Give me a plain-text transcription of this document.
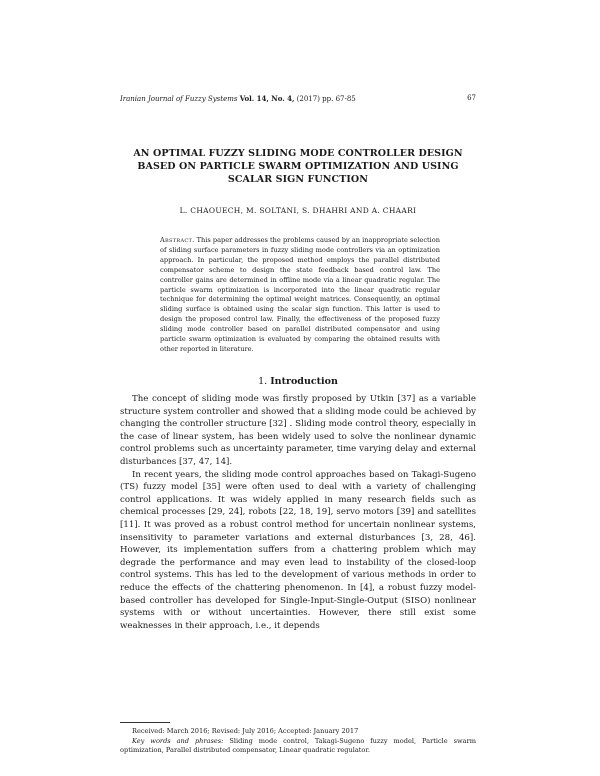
Iranian Journal of Fuzzy Systems Vol. 14, No. 4, (2017) pp. 67-85	67
AN OPTIMAL FUZZY SLIDING MODE CONTROLLER DESIGN BASED ON PARTICLE SWARM OPTIMIZATION AND USING SCALAR SIGN FUNCTION
L. CHAOUECH, M. SOLTANI, S. DHAHRI AND A. CHAARI
Abstract. This paper addresses the problems caused by an inappropriate selection of sliding surface parameters in fuzzy sliding mode controllers via an optimization approach. In particular, the proposed method employs the parallel distributed compensator scheme to design the state feedback based control law. The controller gains are determined in offline mode via a linear quadratic regular. The particle swarm optimization is incorporated into the linear quadratic regular technique for determining the optimal weight matrices. Consequently, an optimal sliding surface is obtained using the scalar sign function. This latter is used to design the proposed control law. Finally, the effectiveness of the proposed fuzzy sliding mode controller based on parallel distributed compensator and using particle swarm optimization is evaluated by comparing the obtained results with other reported in literature.
1. Introduction

The concept of sliding mode was firstly proposed by Utkin [37] as a variable structure system controller and showed that a sliding mode could be achieved by changing the controller structure [32] . Sliding mode control theory, especially in the case of linear system, has been widely used to solve the nonlinear dynamic control problems such as uncertainty parameter, time varying delay and external disturbances [37, 47, 14].

In recent years, the sliding mode control approaches based on Takagi-Sugeno (TS) fuzzy model [35] were often used to deal with a variety of challenging control applications. It was widely applied in many research fields such as chemical processes [29, 24], robots [22, 18, 19], servo motors [39] and satellites [11]. It was proved as a robust control method for uncertain nonlinear systems, insensitivity to parameter variations and external disturbances [3, 28, 46]. However, its implementation suffers from a chattering problem which may degrade the performance and may even lead to instability of the closed-loop control systems. This has led to the development of various methods in order to reduce the effects of the chattering phenomenon. In [4], a robust fuzzy model-based controller has developed for Single-Input-Single-Output (SISO) nonlinear systems with or without uncertainties. However, there still exist some weaknesses in their approach, i.e., it depends

Received: March 2016; Revised: July 2016; Accepted: January 2017

Key words and phrases: Sliding mode control, Takagi-Sugeno fuzzy model, Particle swarm optimization, Parallel distributed compensator, Linear quadratic regulator.
